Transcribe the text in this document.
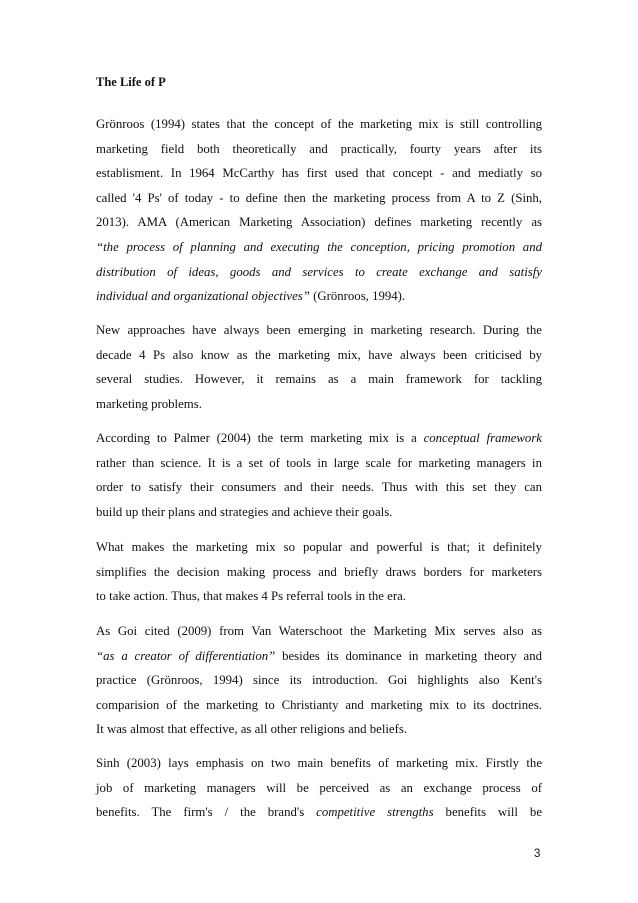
The Life of P
Grönroos (1994) states that the concept of the marketing mix is still controlling
marketing field both theoretically and practically, fourty years after its
establisment. In 1964 McCarthy has first used that concept - and mediatly so
called '4 Ps' of today - to define then the marketing process from A to Z (Sinh,
2013). AMA (American Marketing Association) defines marketing recently as
“the process of planning and executing the conception, pricing promotion and
distribution of ideas, goods and services to create exchange and satisfy
individual and organizational objectives” (Grönroos, 1994).
New approaches have always been emerging in marketing research. During the
decade 4 Ps also know as the marketing mix, have always been criticised by
several studies. However, it remains as a main framework for tackling
marketing problems.
According to Palmer (2004) the term marketing mix is a conceptual framework
rather than science. It is a set of tools in large scale for marketing managers in
order to satisfy their consumers and their needs. Thus with this set they can
build up their plans and strategies and achieve their goals.
What makes the marketing mix so popular and powerful is that; it definitely
simplifies the decision making process and briefly draws borders for marketers
to take action. Thus, that makes 4 Ps referral tools in the era.
As Goi cited (2009) from Van Waterschoot the Marketing Mix serves also as
“as a creator of differentiation” besides its dominance in marketing theory and
practice (Grönroos, 1994) since its introduction. Goi highlights also Kent's
comparision of the marketing to Christianty and marketing mix to its doctrines.
It was almost that effective, as all other religions and beliefs.
Sinh (2003) lays emphasis on two main benefits of marketing mix. Firstly the
job of marketing managers will be perceived as an exchange process of
benefits. The firm's / the brand's competitive strengths benefits will be
3
